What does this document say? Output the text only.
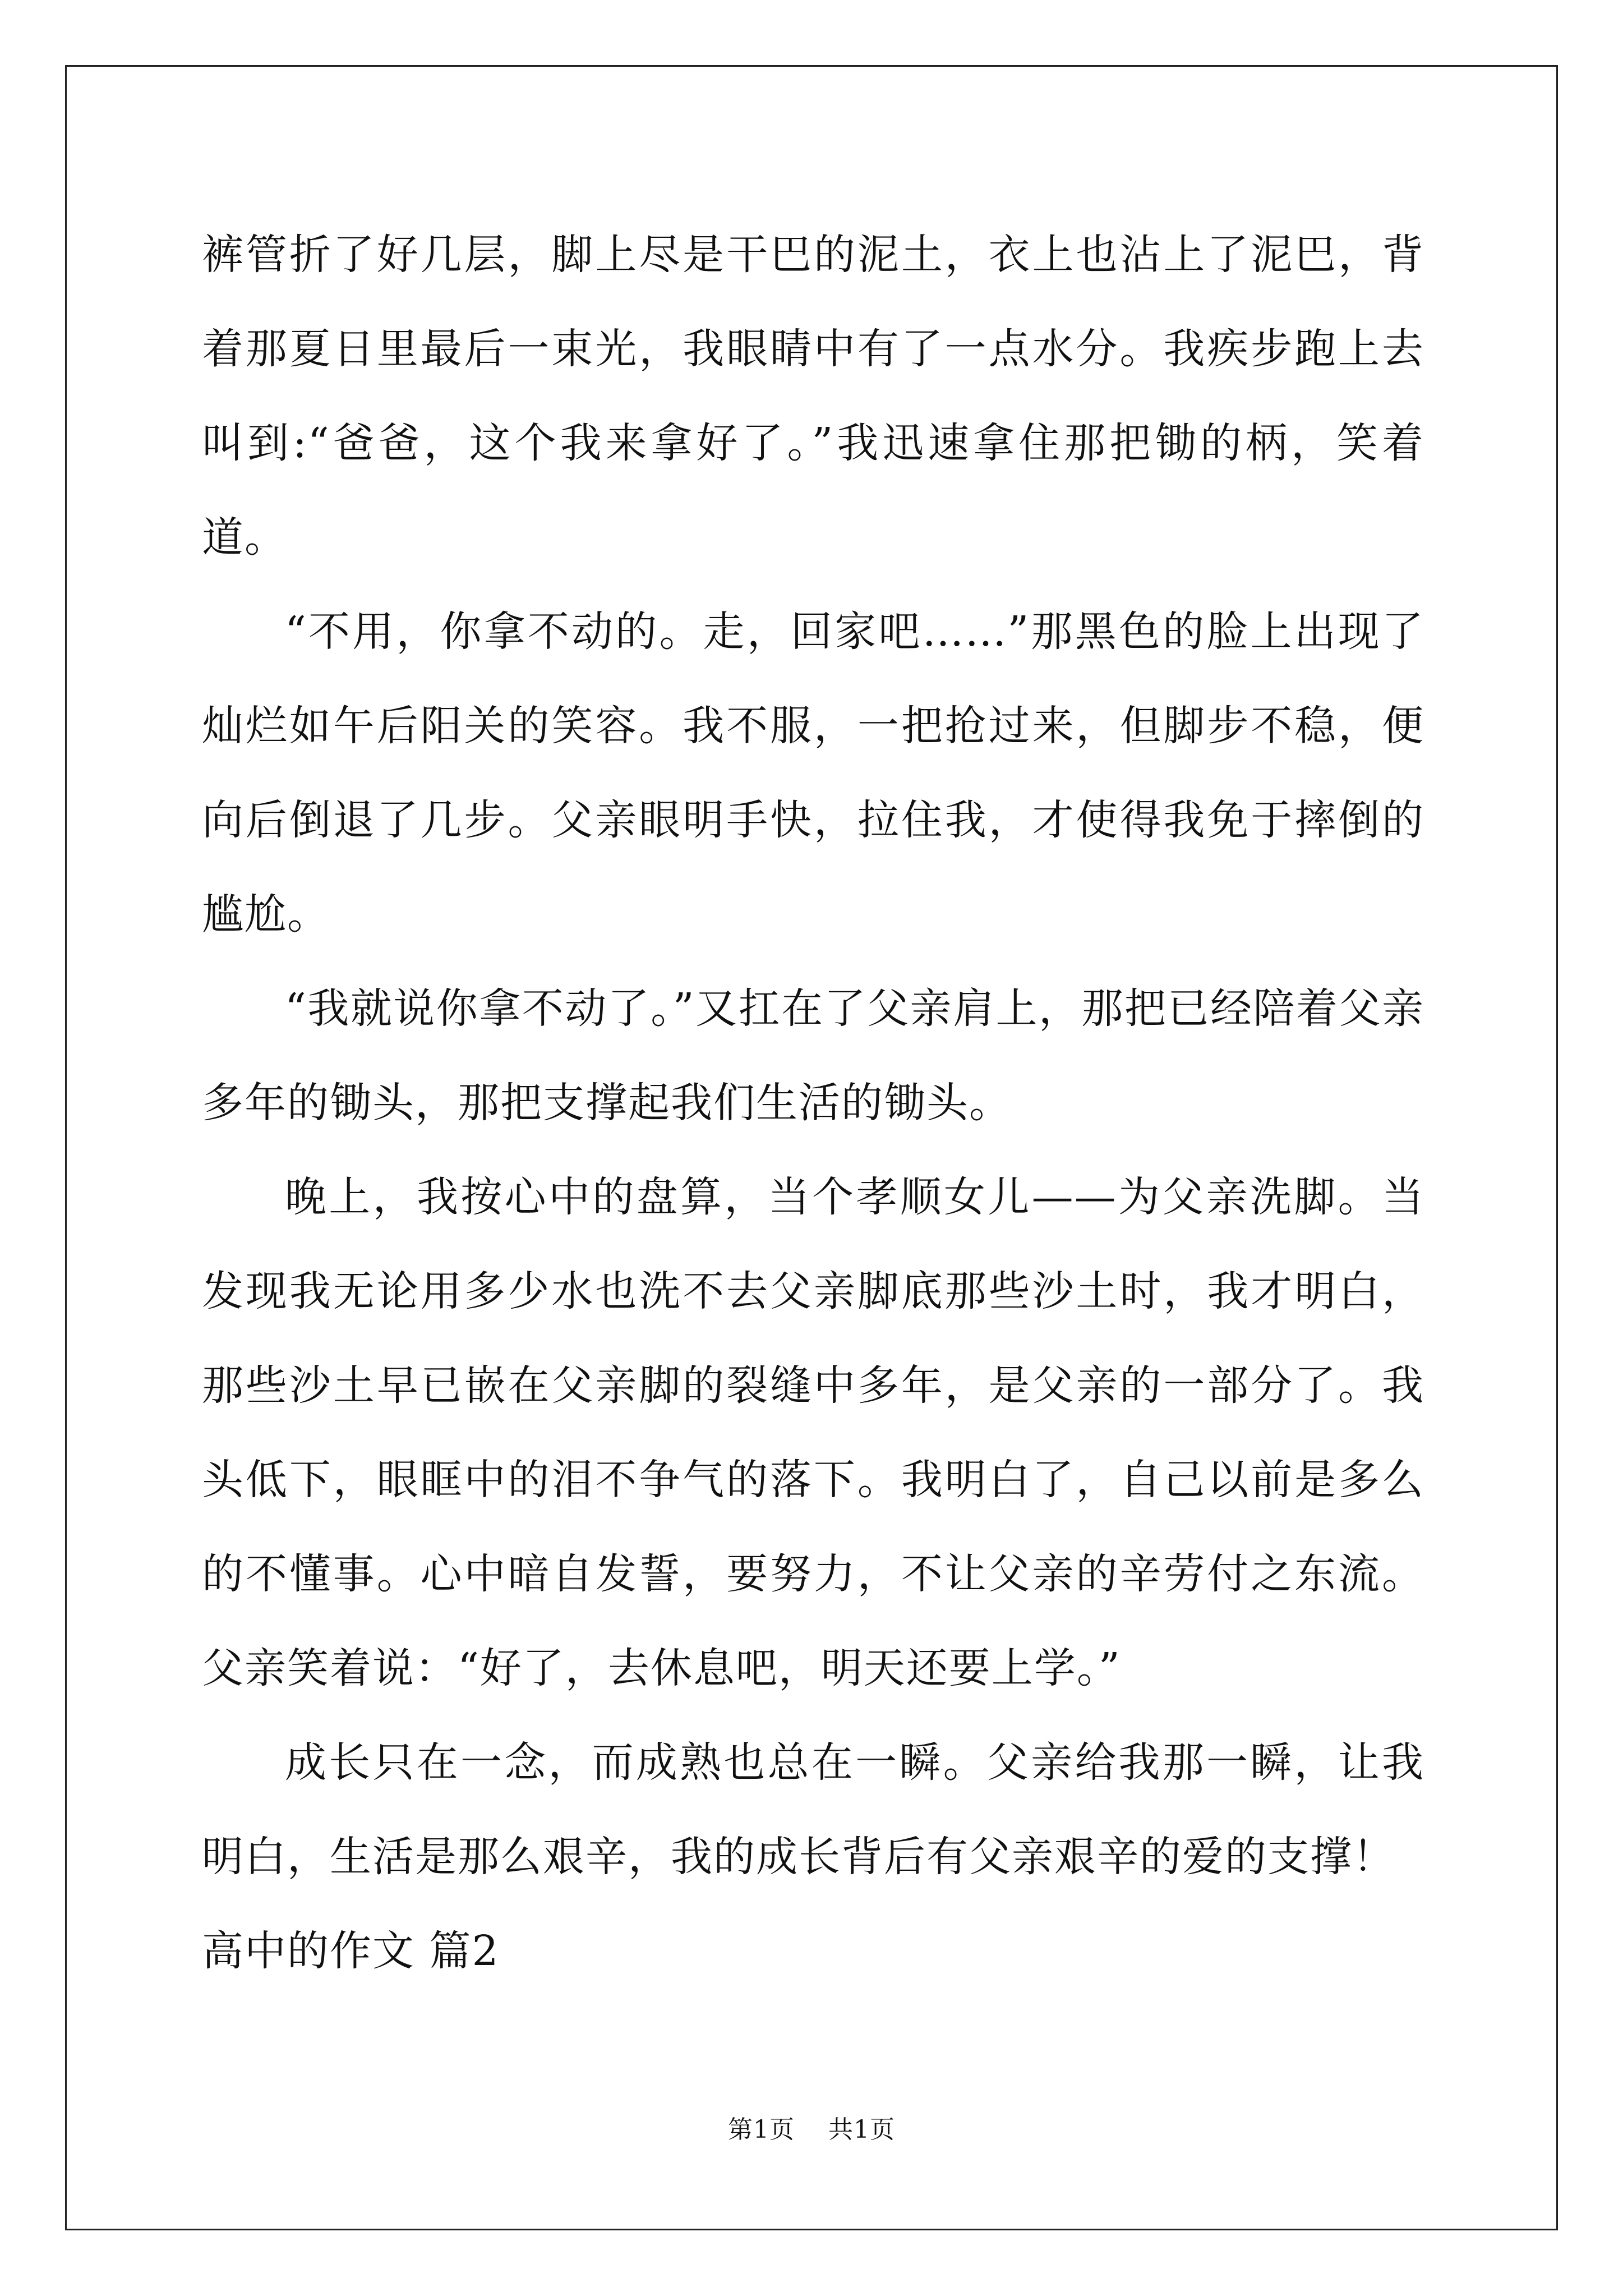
裤管折了好几层，脚上尽是干巴的泥土，衣上也沾上了泥巴，背着那夏日里最后一束光，我眼睛中有了一点水分。我疾步跑上去叫到:“爸爸，这个我来拿好了。”我迅速拿住那把锄的柄，笑着道。

“不用，你拿不动的。走，回家吧……”那黑色的脸上出现了灿烂如午后阳关的笑容。我不服，一把抢过来，但脚步不稳，便向后倒退了几步。父亲眼明手快，拉住我，才使得我免于摔倒的尴尬。

“我就说你拿不动了。”又扛在了父亲肩上，那把已经陪着父亲多年的锄头，那把支撑起我们生活的锄头。

晚上，我按心中的盘算，当个孝顺女儿——为父亲洗脚。当发现我无论用多少水也洗不去父亲脚底那些沙土时，我才明白，那些沙土早已嵌在父亲脚的裂缝中多年，是父亲的一部分了。我头低下，眼眶中的泪不争气的落下。我明白了，自己以前是多么的不懂事。心中暗自发誓，要努力，不让父亲的辛劳付之东流。父亲笑着说：“好了，去休息吧，明天还要上学。”

成长只在一念，而成熟也总在一瞬。父亲给我那一瞬，让我明白，生活是那么艰辛，我的成长背后有父亲艰辛的爱的支撑！

高中的作文 篇2

第1页 共1页
